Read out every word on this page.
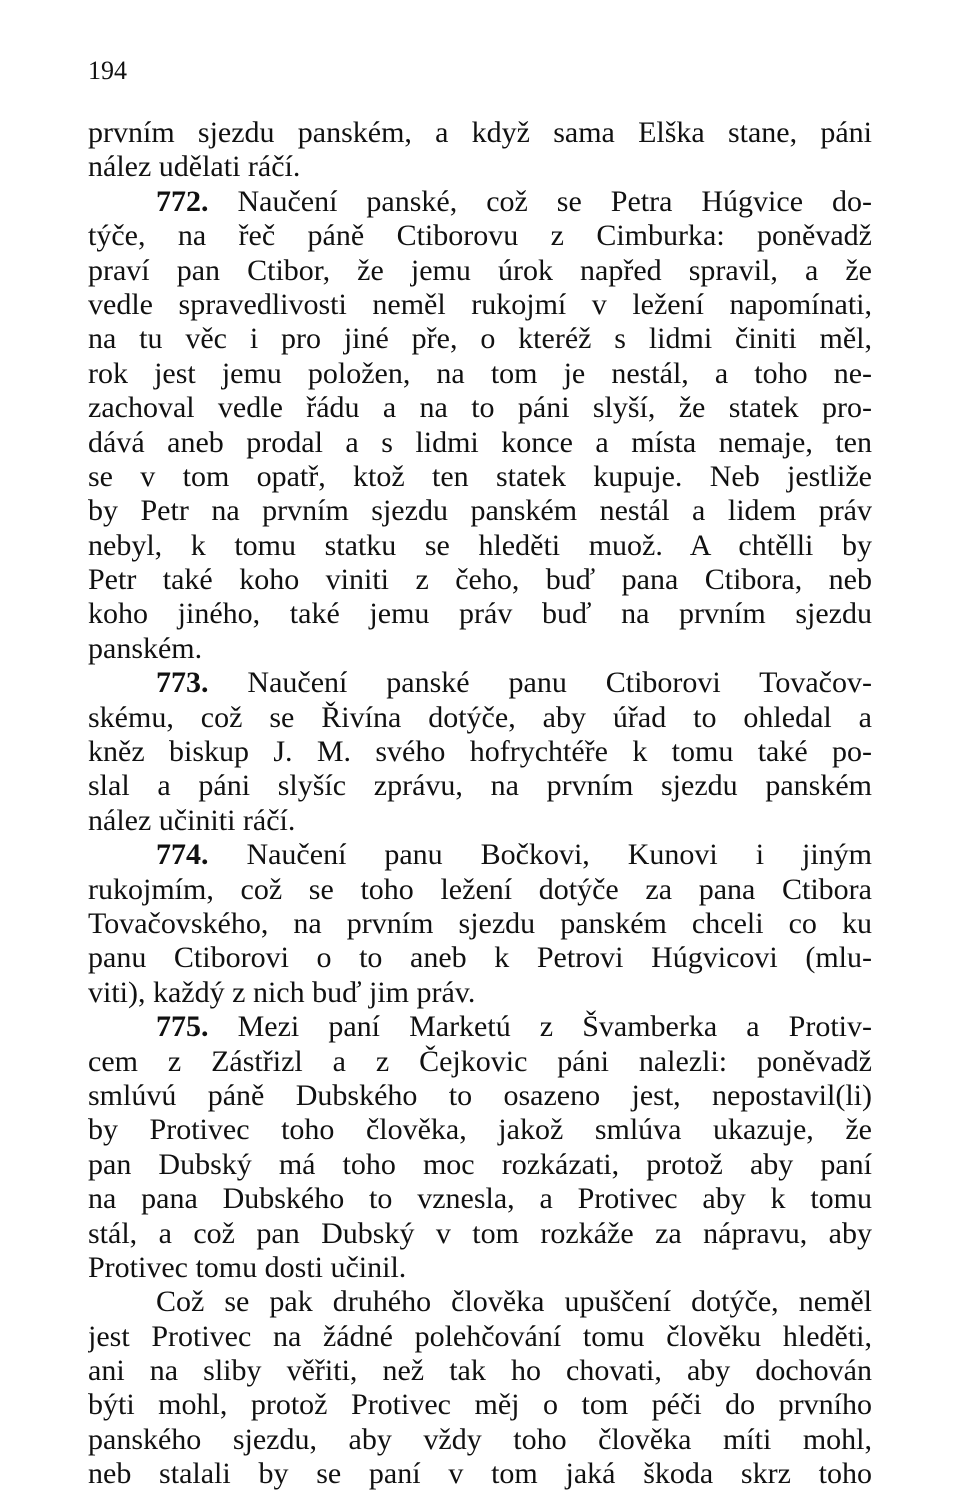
194
prvním sjezdu panském, a když sama Elška stane, páni
nález udělati ráčí.
772. Naučení panské, což se Petra Húgvice do-
týče, na řeč páně Ctiborovu z Cimburka: poněvadž
praví pan Ctibor, že jemu úrok napřed spravil, a že
vedle spravedlivosti neměl rukojmí v ležení napomínati,
na tu věc i pro jiné pře, o kteréž s lidmi činiti měl,
rok jest jemu položen, na tom je nestál, a toho ne-
zachoval vedle řádu a na to páni slyší, že statek pro-
dává aneb prodal a s lidmi konce a místa nemaje, ten
se v tom opatř, ktož ten statek kupuje. Neb jestliže
by Petr na prvním sjezdu panském nestál a lidem práv
nebyl, k tomu statku se hleděti muož. A chtělli by
Petr také koho viniti z čeho, buď pana Ctibora, neb
koho jiného, také jemu práv buď na prvním sjezdu
panském.
773. Naučení panské panu Ctiborovi Tovačov-
skému, což se Řivína dotýče, aby úřad to ohledal a
kněz biskup J. M. svého hofrychtéře k tomu také po-
slal a páni slyšíc zprávu, na prvním sjezdu panském
nález učiniti ráčí.
774. Naučení panu Bočkovi, Kunovi i jiným
rukojmím, což se toho ležení dotýče za pana Ctibora
Tovačovského, na prvním sjezdu panském chceli co ku
panu Ctiborovi o to aneb k Petrovi Húgvicovi (mlu-
viti), každý z nich buď jim práv.
775. Mezi paní Marketú z Švamberka a Protiv-
cem z Zástřizl a z Čejkovic páni nalezli: poněvadž
smlúvú páně Dubského to osazeno jest, nepostavil(li)
by Protivec toho člověka, jakož smlúva ukazuje, že
pan Dubský má toho moc rozkázati, protož aby paní
na pana Dubského to vznesla, a Protivec aby k tomu
stál, a což pan Dubský v tom rozkáže za nápravu, aby
Protivec tomu dosti učinil.
Což se pak druhého člověka upuščení dotýče, neměl
jest Protivec na žádné polehčování tomu člověku hleděti,
ani na sliby věřiti, než tak ho chovati, aby dochován
býti mohl, protož Protivec měj o tom péči do prvního
panského sjezdu, aby vždy toho člověka míti mohl,
neb stalali by se paní v tom jaká škoda skrz toho
